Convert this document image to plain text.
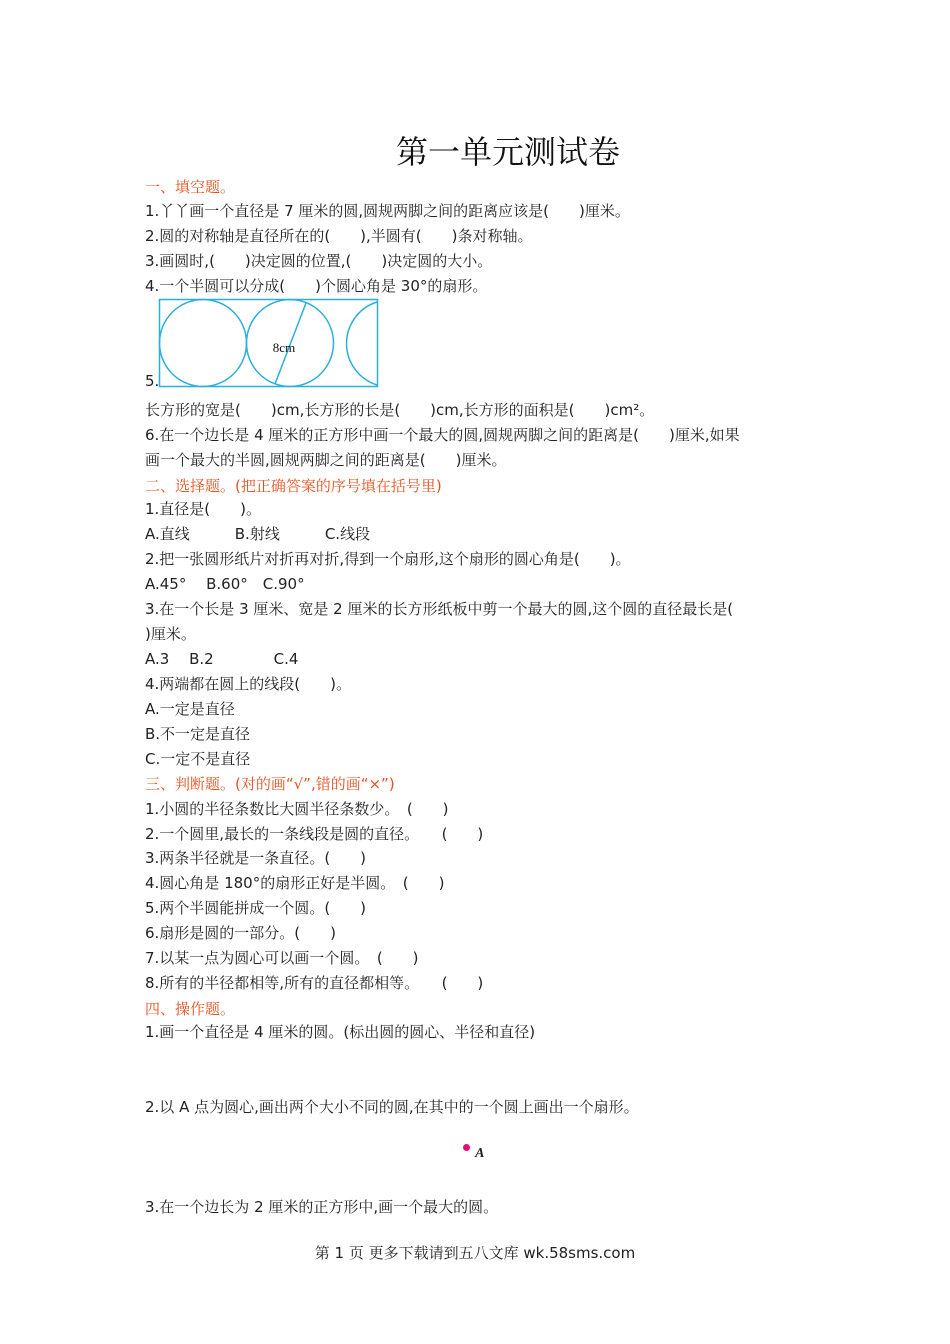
第一单元测试卷
一、填空题。
1.丫丫画一个直径是 7 厘米的圆,圆规两脚之间的距离应该是(　　)厘米。
2.圆的对称轴是直径所在的(　　),半圆有(　　)条对称轴。
3.画圆时,(　　)决定圆的位置,(　　)决定圆的大小。
4.一个半圆可以分成(　　)个圆心角是 30°的扇形。
5.
8cm
长方形的宽是(　　)cm,长方形的长是(　　)cm,长方形的面积是(　　)cm²。
6.在一个边长是 4 厘米的正方形中画一个最大的圆,圆规两脚之间的距离是(　　)厘米,如果
画一个最大的半圆,圆规两脚之间的距离是(　　)厘米。
二、选择题。(把正确答案的序号填在括号里)
1.直径是(　　)。
A.直线　　　B.射线　　　C.线段
2.把一张圆形纸片对折再对折,得到一个扇形,这个扇形的圆心角是(　　)。
A.45°　 B.60°　C.90°
3.在一个长是 3 厘米、宽是 2 厘米的长方形纸板中剪一个最大的圆,这个圆的直径最长是(
)厘米。
A.3　 B.2　　　　C.4
4.两端都在圆上的线段(　　)。
A.一定是直径
B.不一定是直径
C.一定不是直径
三、判断题。(对的画“√”,错的画“×”)
1.小圆的半径条数比大圆半径条数少。　(　　)
2.一个圆里,最长的一条线段是圆的直径。　　(　　)
3.两条半径就是一条直径。(　　)
4.圆心角是 180°的扇形正好是半圆。　(　　)
5.两个半圆能拼成一个圆。(　　)
6.扇形是圆的一部分。(　　)
7.以某一点为圆心可以画一个圆。　(　　)
8.所有的半径都相等,所有的直径都相等。　　(　　)
四、操作题。
1.画一个直径是 4 厘米的圆。(标出圆的圆心、半径和直径)
2.以 A 点为圆心,画出两个大小不同的圆,在其中的一个圆上画出一个扇形。
A
3.在一个边长为 2 厘米的正方形中,画一个最大的圆。
第 1 页 更多下载请到五八文库 wk.58sms.com
